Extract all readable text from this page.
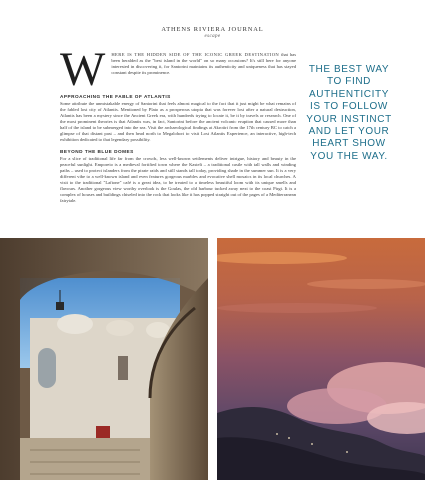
ATHENS RIVIERA JOURNAL
escape
W HERE IS THE HIDDEN SIDE OF THE ICONIC GREEK DESTINATION that has been heralded as the "best island in the world" on so many occasions? It's still here for anyone interested in discovering it, for Santorini maintains its authenticity and uniqueness that has stayed constant despite its prominence.
APPROACHING THE FABLE OF ATLANTIS
Some attribute the unmistakable energy of Santorini that feels almost magical to the fact that it just might be what remains of the fabled lost city of Atlantis. Mentioned by Plato as a prosperous utopia that was forever lost after a natural destruction, Atlantis has been a mystery since the Ancient Greek era, with hundreds trying to locate it, be it by travels or research. One of the most prominent theories is that Atlantis was, in fact, Santorini before the ancient volcanic eruption that caused more than half of the island to be submerged into the sea. Visit the archaeological findings at Akrotiri from the 17th century BC to catch a glimpse of that distant past – and then head north to Megalohori to visit Lost Atlantis Experience, an interactive, high-tech exhibition dedicated to that legendary possibility.
BEYOND THE BLUE DOMES
For a slice of traditional life far from the crowds, less well-known settlements deliver intrigue, history and beauty in the peaceful sunlight. Emporeio is a medieval fortified town where the Kasteli – a traditional castle with tall walls and winding paths – used to protect islanders from the pirate raids and still stands tall today, providing shade in the summer sun. It is a very different vibe to a well-known island and even features gorgeous marbles and evocative shell mosaics in its local churches. A visit to the traditional "Laftone" café is a great idea, to be treated to a timeless beautiful loom with its unique smells and flavours. Another gorgeous view worthy overlook is the Goulas, the old harbour tucked away next to the coast Pirgi. It is a complex of houses and buildings chiseled into the rock that looks like it has popped straight out of the pages of a Mediterranean fairytale.
THE BEST WAY TO FIND AUTHENTICITY IS TO FOLLOW YOUR INSTINCT AND LET YOUR HEART SHOW YOU THE WAY.
